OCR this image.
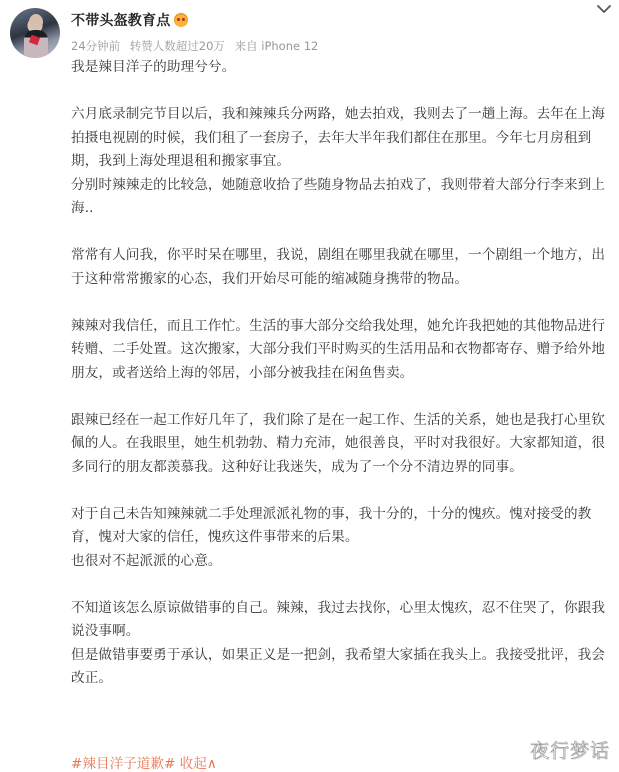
不带头盔教育点
24分钟前 转赞人数超过20万 来自 iPhone 12

我是辣目洋子的助理兮兮。

六月底录制完节目以后，我和辣辣兵分两路，她去拍戏，我则去了一趟上海。去年在上海拍摄电视剧的时候，我们租了一套房子，去年大半年我们都住在那里。今年七月房租到期，我到上海处理退租和搬家事宜。

分别时辣辣走的比较急，她随意收拾了些随身物品去拍戏了，我则带着大部分行李来到上海..

常常有人问我，你平时呆在哪里，我说，剧组在哪里我就在哪里，一个剧组一个地方，出于这种常常搬家的心态，我们开始尽可能的缩减随身携带的物品。

辣辣对我信任，而且工作忙。生活的事大部分交给我处理，她允许我把她的其他物品进行转赠、二手处置。这次搬家，大部分我们平时购买的生活用品和衣物都寄存、赠予给外地朋友，或者送给上海的邻居，小部分被我挂在闲鱼售卖。

跟辣已经在一起工作好几年了，我们除了是在一起工作、生活的关系，她也是我打心里钦佩的人。在我眼里，她生机勃勃、精力充沛，她很善良，平时对我很好。大家都知道，很多同行的朋友都羡慕我。这种好让我迷失，成为了一个分不清边界的同事。

对于自己未告知辣辣就二手处理派派礼物的事，我十分的，十分的愧疚。愧对接受的教育，愧对大家的信任，愧疚这件事带来的后果。

也很对不起派派的心意。

不知道该怎么原谅做错事的自己。辣辣，我过去找你，心里太愧疚，忍不住哭了，你跟我说没事啊。

但是做错事要勇于承认，如果正义是一把剑，我希望大家插在我头上。我接受批评，我会改正。

#辣目洋子道歉# 收起∧
夜行梦话
